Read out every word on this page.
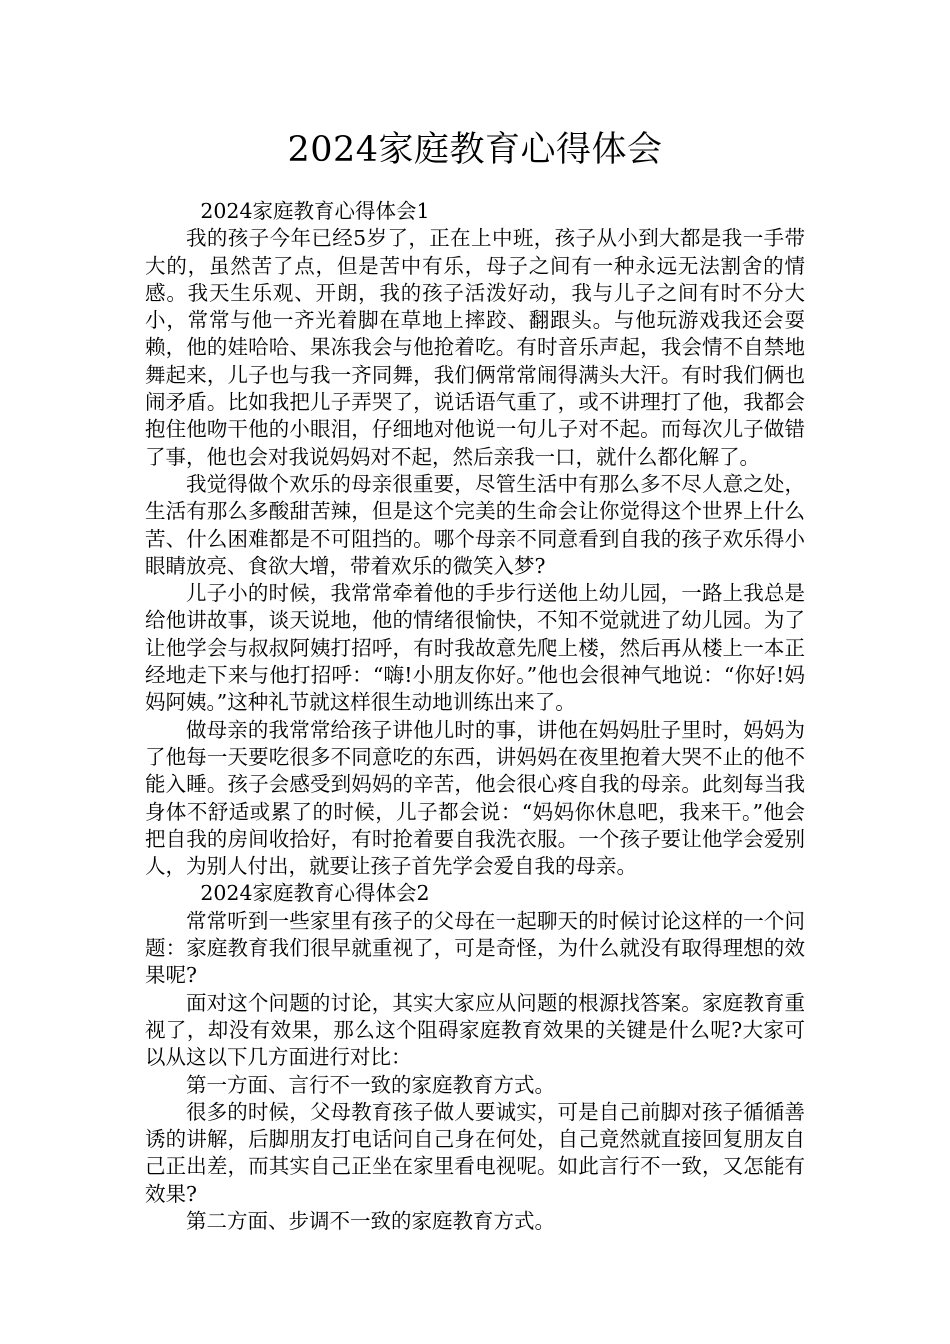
2024家庭教育心得体会

2024家庭教育心得体会1

我的孩子今年已经5岁了，正在上中班，孩子从小到大都是我一手带大的，虽然苦了点，但是苦中有乐，母子之间有一种永远无法割舍的情感。我天生乐观、开朗，我的孩子活泼好动，我与儿子之间有时不分大小，常常与他一齐光着脚在草地上摔跤、翻跟头。与他玩游戏我还会耍赖，他的娃哈哈、果冻我会与他抢着吃。有时音乐声起，我会情不自禁地舞起来，儿子也与我一齐同舞，我们俩常常闹得满头大汗。有时我们俩也闹矛盾。比如我把儿子弄哭了，说话语气重了，或不讲理打了他，我都会抱住他吻干他的小眼泪，仔细地对他说一句儿子对不起。而每次儿子做错了事，他也会对我说妈妈对不起，然后亲我一口，就什么都化解了。

我觉得做个欢乐的母亲很重要，尽管生活中有那么多不尽人意之处，生活有那么多酸甜苦辣，但是这个完美的生命会让你觉得这个世界上什么苦、什么困难都是不可阻挡的。哪个母亲不同意看到自我的孩子欢乐得小眼睛放亮、食欲大增，带着欢乐的微笑入梦?

儿子小的时候，我常常牵着他的手步行送他上幼儿园，一路上我总是给他讲故事，谈天说地，他的情绪很愉快，不知不觉就进了幼儿园。为了让他学会与叔叔阿姨打招呼，有时我故意先爬上楼，然后再从楼上一本正经地走下来与他打招呼：“嗨!小朋友你好。”他也会很神气地说：“你好!妈妈阿姨。”这种礼节就这样很生动地训练出来了。

做母亲的我常常给孩子讲他儿时的事，讲他在妈妈肚子里时，妈妈为了他每一天要吃很多不同意吃的东西，讲妈妈在夜里抱着大哭不止的他不能入睡。孩子会感受到妈妈的辛苦，他会很心疼自我的母亲。此刻每当我身体不舒适或累了的时候，儿子都会说：“妈妈你休息吧，我来干。”他会把自我的房间收拾好，有时抢着要自我洗衣服。一个孩子要让他学会爱别人，为别人付出，就要让孩子首先学会爱自我的母亲。

2024家庭教育心得体会2

常常听到一些家里有孩子的父母在一起聊天的时候讨论这样的一个问题：家庭教育我们很早就重视了，可是奇怪，为什么就没有取得理想的效果呢?

面对这个问题的讨论，其实大家应从问题的根源找答案。家庭教育重视了，却没有效果，那么这个阻碍家庭教育效果的关键是什么呢?大家可以从这以下几方面进行对比：

第一方面、言行不一致的家庭教育方式。

很多的时候，父母教育孩子做人要诚实，可是自己前脚对孩子循循善诱的讲解，后脚朋友打电话问自己身在何处，自己竟然就直接回复朋友自己正出差，而其实自己正坐在家里看电视呢。如此言行不一致，又怎能有效果?

第二方面、步调不一致的家庭教育方式。
